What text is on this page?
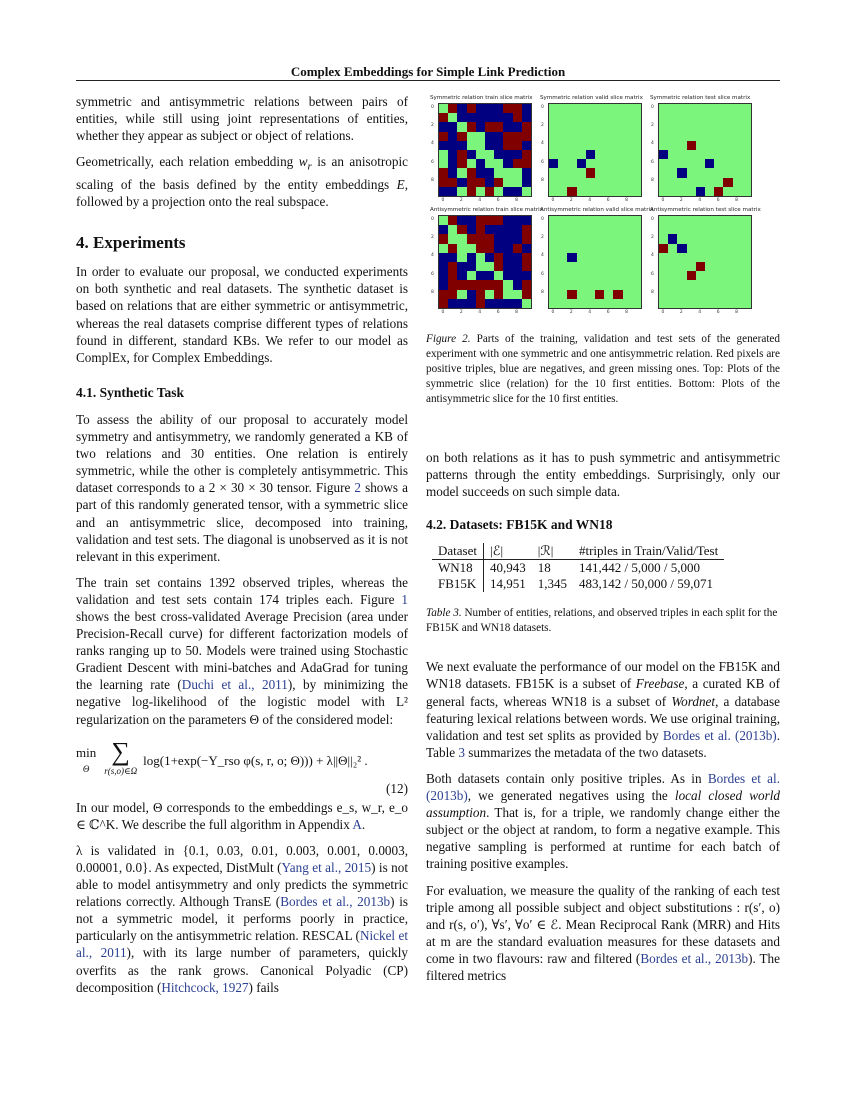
Complex Embeddings for Simple Link Prediction

symmetric and antisymmetric relations between pairs of entities, while still using joint representations of entities, whether they appear as subject or object of relations.

Geometrically, each relation embedding $w_r$ is an anisotropic scaling of the basis defined by the entity embeddings E, followed by a projection onto the real subspace.

4. Experiments

In order to evaluate our proposal, we conducted experiments on both synthetic and real datasets. The synthetic dataset is based on relations that are either symmetric or antisymmetric, whereas the real datasets comprise different types of relations found in different, standard KBs. We refer to our model as ComplEx, for Complex Embeddings.

4.1. Synthetic Task

To assess the ability of our proposal to accurately model symmetry and antisymmetry, we randomly generated a KB of two relations and 30 entities. One relation is entirely symmetric, while the other is completely antisymmetric. This dataset corresponds to a 2 × 30 × 30 tensor. Figure 2 shows a part of this randomly generated tensor, with a symmetric slice and an antisymmetric slice, decomposed into training, validation and test sets. The diagonal is unobserved as it is not relevant in this experiment.

The train set contains 1392 observed triples, whereas the validation and test sets contain 174 triples each. Figure 1 shows the best cross-validated Average Precision (area under Precision-Recall curve) for different factorization models of ranks ranging up to 50. Models were trained using Stochastic Gradient Descent with mini-batches and AdaGrad for tuning the learning rate (Duchi et al., 2011), by minimizing the negative log-likelihood of the logistic model with L² regularization on the parameters Θ of the considered model:

min
Θ
∑
r(s,o)∈Ω
log(1+exp(−Y_rso φ(s, r, o; Θ))) + λ||Θ||₂² .
(12)

In our model, Θ corresponds to the embeddings e_s, w_r, e_o ∈ ℂ^K. We describe the full algorithm in Appendix A.

λ is validated in {0.1, 0.03, 0.01, 0.003, 0.001, 0.0003, 0.00001, 0.0}. As expected, DistMult (Yang et al., 2015) is not able to model antisymmetry and only predicts the symmetric relations correctly. Although TransE (Bordes et al., 2013b) is not a symmetric model, it performs poorly in practice, particularly on the antisymmetric relation. RESCAL (Nickel et al., 2011), with its large number of parameters, quickly overfits as the rank grows. Canonical Polyadic (CP) decomposition (Hitchcock, 1927) fails

Symmetric relation train slice matrix
0
2
4
6
8
0	2	4	6	8
Symmetric relation valid slice matrix
0
2
4
6
8
0	2	4	6	8
Symmetric relation test slice matrix
0
2
4
6
8
0	2	4	6	8
Antisymmetric relation train slice matrix
0
2
4
6
8
0	2	4	6	8
Antisymmetric relation valid slice matrix
0
2
4
6
8
0	2	4	6	8
Antisymmetric relation test slice matrix
0
2
4
6
8
0	2	4	6	8
Figure 2. Parts of the training, validation and test sets of the generated experiment with one symmetric and one antisymmetric relation. Red pixels are positive triples, blue are negatives, and green missing ones. Top: Plots of the symmetric slice (relation) for the 10 first entities. Bottom: Plots of the antisymmetric slice for the 10 first entities.

on both relations as it has to push symmetric and antisymmetric patterns through the entity embeddings. Surprisingly, only our model succeeds on such simple data.

4.2. Datasets: FB15K and WN18
Dataset	|ℰ|	|ℛ|	#triples in Train/Valid/Test
WN18	40,943	18	141,442 / 5,000 / 5,000
FB15K	14,951	1,345	483,142 / 50,000 / 59,071
Table 3. Number of entities, relations, and observed triples in each split for the FB15K and WN18 datasets.

We next evaluate the performance of our model on the FB15K and WN18 datasets. FB15K is a subset of Freebase, a curated KB of general facts, whereas WN18 is a subset of Wordnet, a database featuring lexical relations between words. We use original training, validation and test set splits as provided by Bordes et al. (2013b). Table 3 summarizes the metadata of the two datasets.

Both datasets contain only positive triples. As in Bordes et al. (2013b), we generated negatives using the local closed world assumption. That is, for a triple, we randomly change either the subject or the object at random, to form a negative example. This negative sampling is performed at runtime for each batch of training positive examples.

For evaluation, we measure the quality of the ranking of each test triple among all possible subject and object substitutions : r(s′, o) and r(s, o′), ∀s′, ∀o′ ∈ ℰ. Mean Reciprocal Rank (MRR) and Hits at m are the standard evaluation measures for these datasets and come in two flavours: raw and filtered (Bordes et al., 2013b). The filtered metrics
